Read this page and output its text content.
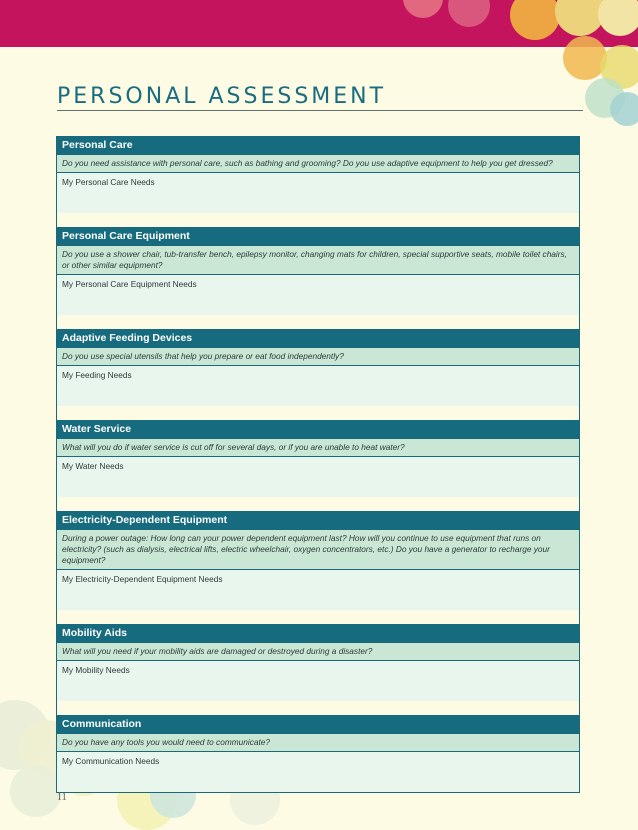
PERSONAL ASSESSMENT
Personal Care
Do you need assistance with personal care, such as bathing and grooming? Do you use adaptive equipment to help you get dressed?
My Personal Care Needs
Personal Care Equipment
Do you use a shower chair, tub-transfer bench, epilepsy monitor, changing mats for children, special supportive seats, mobile toilet chairs, or other similar equipment?
My Personal Care Equipment Needs
Adaptive Feeding Devices
Do you use special utensils that help you prepare or eat food independently?
My Feeding Needs
Water Service
What will you do if water service is cut off for several days, or if you are unable to heat water?
My Water Needs
Electricity-Dependent Equipment
During a power outage: How long can your power dependent equipment last? How will you continue to use equipment that runs on electricity? (such as dialysis, electrical lifts, electric wheelchair, oxygen concentrators, etc.) Do you have a generator to recharge your equipment?
My Electricity-Dependent Equipment Needs
Mobility Aids
What will you need if your mobility aids are damaged or destroyed during a disaster?
My Mobility Needs
Communication
Do you have any tools you would need to communicate?
My Communication Needs
11
